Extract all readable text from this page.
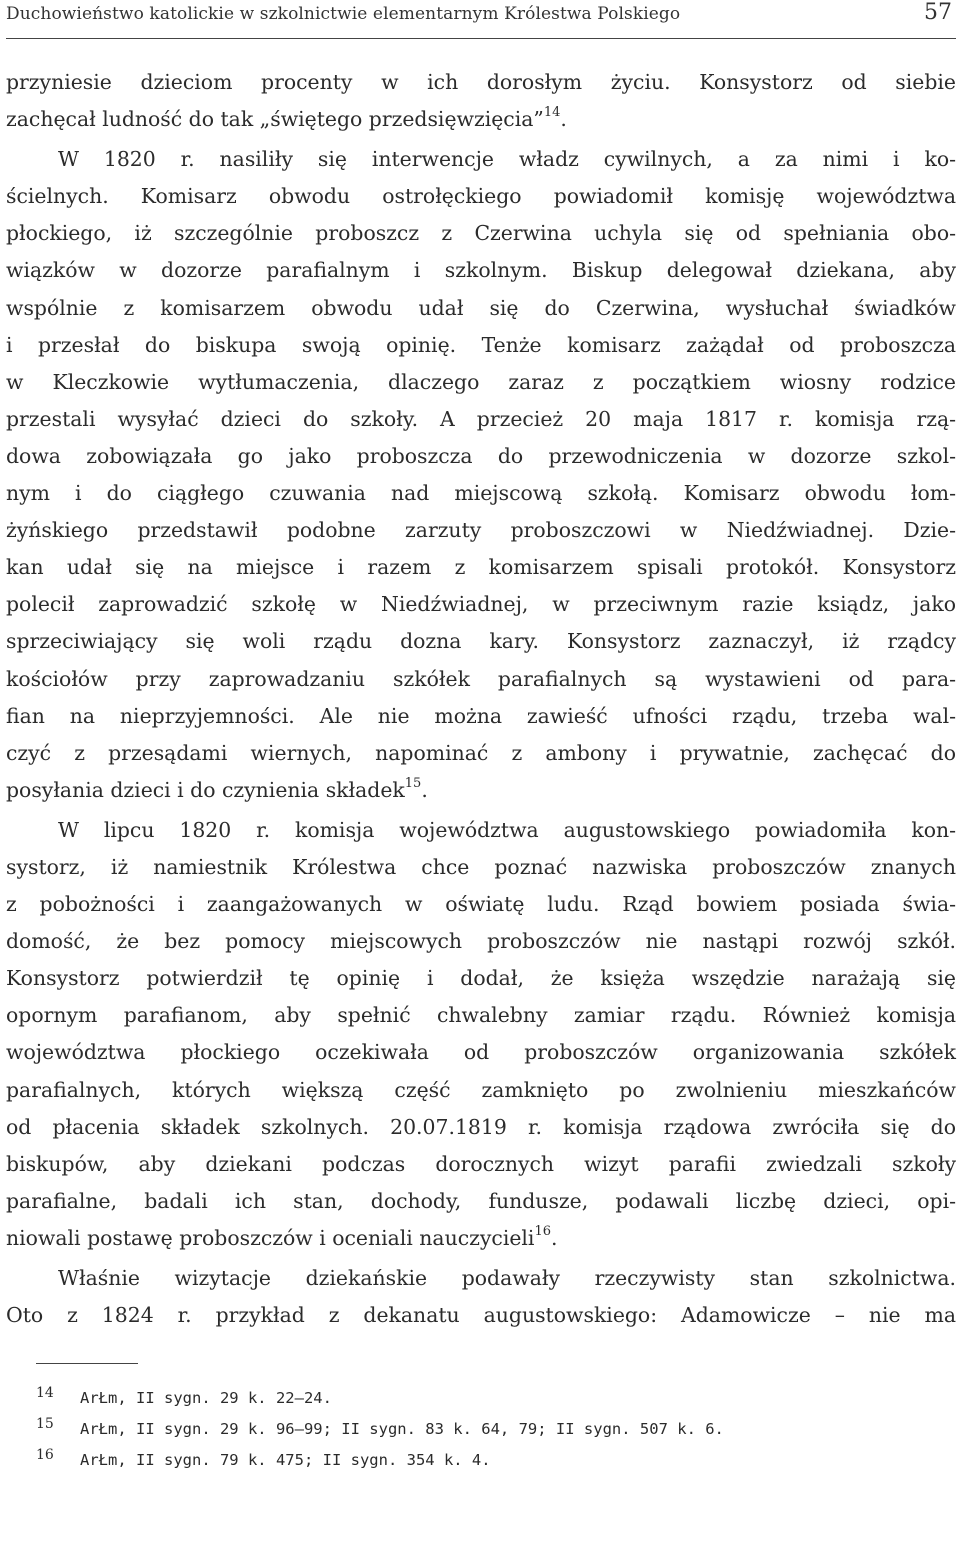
Duchowieństwo katolickie w szkolnictwie elementarnym Królestwa Polskiego	57

przyniesie dzieciom procenty w ich dorosłym życiu. Konsystorz od siebie

zachęcał ludność do tak „świętego przedsięwzięcia”$^{14}$.

W 1820 r. nasiliły się interwencje władz cywilnych, a za nimi i ko-

ścielnych. Komisarz obwodu ostrołęckiego powiadomił komisję województwa

płockiego, iż szczególnie proboszcz z Czerwina uchyla się od spełniania obo-

wiązków w dozorze parafialnym i szkolnym. Biskup delegował dziekana, aby

wspólnie z komisarzem obwodu udał się do Czerwina, wysłuchał świadków

i przesłał do biskupa swoją opinię. Tenże komisarz zażądał od proboszcza

w Kleczkowie wytłumaczenia, dlaczego zaraz z początkiem wiosny rodzice

przestali wysyłać dzieci do szkoły. A przecież 20 maja 1817 r. komisja rzą-

dowa zobowiązała go jako proboszcza do przewodniczenia w dozorze szkol-

nym i do ciągłego czuwania nad miejscową szkołą. Komisarz obwodu łom-

żyńskiego przedstawił podobne zarzuty proboszczowi w Niedźwiadnej. Dzie-

kan udał się na miejsce i razem z komisarzem spisali protokół. Konsystorz

polecił zaprowadzić szkołę w Niedźwiadnej, w przeciwnym razie ksiądz, jako

sprzeciwiający się woli rządu dozna kary. Konsystorz zaznaczył, iż rządcy

kościołów przy zaprowadzaniu szkółek parafialnych są wystawieni od para-

fian na nieprzyjemności. Ale nie można zawieść ufności rządu, trzeba wal-

czyć z przesądami wiernych, napominać z ambony i prywatnie, zachęcać do

posyłania dzieci i do czynienia składek$^{15}$.

W lipcu 1820 r. komisja województwa augustowskiego powiadomiła kon-

systorz, iż namiestnik Królestwa chce poznać nazwiska proboszczów znanych

z pobożności i zaangażowanych w oświatę ludu. Rząd bowiem posiada świa-

domość, że bez pomocy miejscowych proboszczów nie nastąpi rozwój szkół.

Konsystorz potwierdził tę opinię i dodał, że księża wszędzie narażają się

opornym parafianom, aby spełnić chwalebny zamiar rządu. Również komisja

województwa płockiego oczekiwała od proboszczów organizowania szkółek

parafialnych, których większą część zamknięto po zwolnieniu mieszkańców

od płacenia składek szkolnych. 20.07.1819 r. komisja rządowa zwróciła się do

biskupów, aby dziekani podczas dorocznych wizyt parafii zwiedzali szkoły

parafialne, badali ich stan, dochody, fundusze, podawali liczbę dzieci, opi-

niowali postawę proboszczów i oceniali nauczycieli$^{16}$.

Właśnie wizytacje dziekańskie podawały rzeczywisty stan szkolnictwa.

Oto z 1824 r. przykład z dekanatu augustowskiego: Adamowicze – nie ma

14 ArŁm, II sygn. 29 k. 22–24.
15 ArŁm, II sygn. 29 k. 96–99; II sygn. 83 k. 64, 79; II sygn. 507 k. 6.
16 ArŁm, II sygn. 79 k. 475; II sygn. 354 k. 4.
